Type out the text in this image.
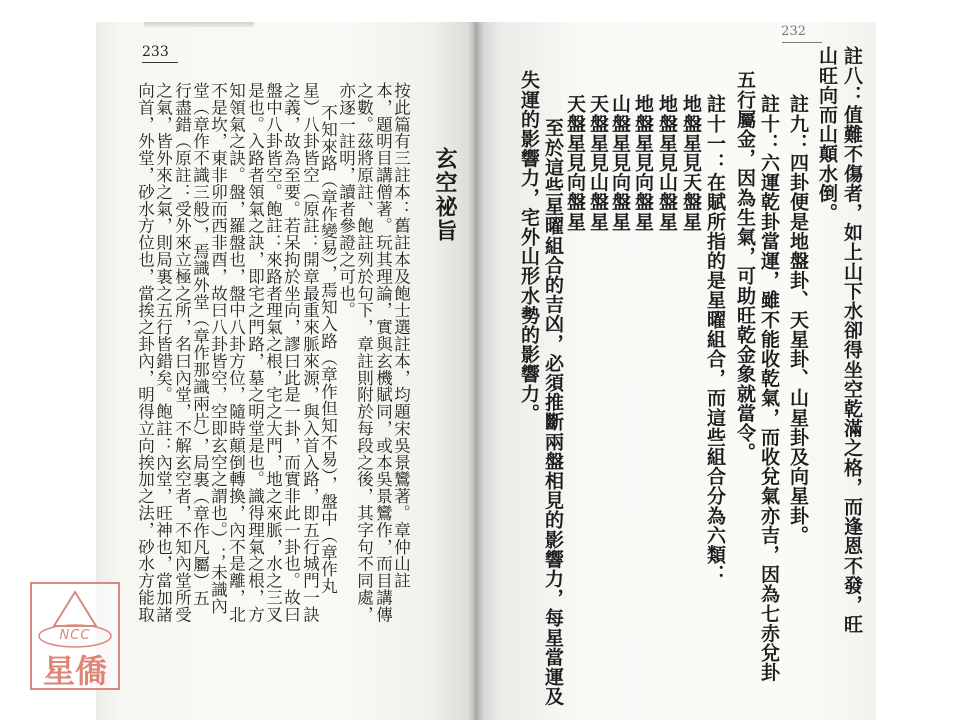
233
玄空祕旨
按此篇有三註本：舊註本及飽士選註本，均題宋吳景鸞著。章仲山註
本，題明目講僧著。玩其理論，實與玄機賦同，或本吳景鸞作，而目講傳
之數。茲將原註、飽註列於句下，章註則附於每段之後，其字句不同處，
亦逐一註明，讀者參證之可也。
不知來路（章作變易），焉知入路（章作但知不易），盤中（章作丸
星）八卦皆空（原註：開章最重來脈來源，與入首入路，即五行城門一訣
之義，故為至要。若呆拘於坐向，謬曰此是一卦，而實非此一卦也。故曰
盤中八卦皆空。飽註：來路者理氣之根，宅之大門，地之來脈，水之三叉
是也。入路者領氣之訣，即宅之門路，墓之明堂是也。識得理氣之根，方
知領氣之訣。盤，羅盤也，盤中八卦方位，隨時顛倒轉換，內不是離，北
不是坎，東非卯而西非酉，故曰八卦皆空，空即玄空之謂也。）；未識內
堂（章作不識三般），焉識外堂（章作那識兩片），局裏（章作凡屬）五
行盡錯（原註：受外來立極之所，名曰內堂，不解玄空者，不知內堂所受
之氣，皆外來之氣，則局裏之五行皆錯矣。飽註：內堂，旺神也，當加諸
向首，外堂，砂水方位也，當挨之卦內，明得立向挨加之法，砂水方能取

232
註八：值難不傷者，如上山下水卻得坐空乾滿之格，而逢恩不發，旺
山旺向而山顛水倒。
註九：四卦便是地盤卦、天星卦、山星卦及向星卦。
註十：六運乾卦當運，雖不能收乾氣，而收兌氣亦吉，因為七赤兌卦
五行屬金，因為生氣，可助旺乾金象就當令。
註十一：在賦所指的是星曜組合，而這些組合分為六類：
地盤星見天盤星
地盤星見山盤星
地盤星見向盤星
山盤星見向盤星
天盤星見山盤星
天盤星見向盤星
至於這些星曜組合的吉凶，必須推斷兩盤相見的影響力，每星當運及
失運的影響力，宅外山形水勢的影響力。
NCC
星僑
